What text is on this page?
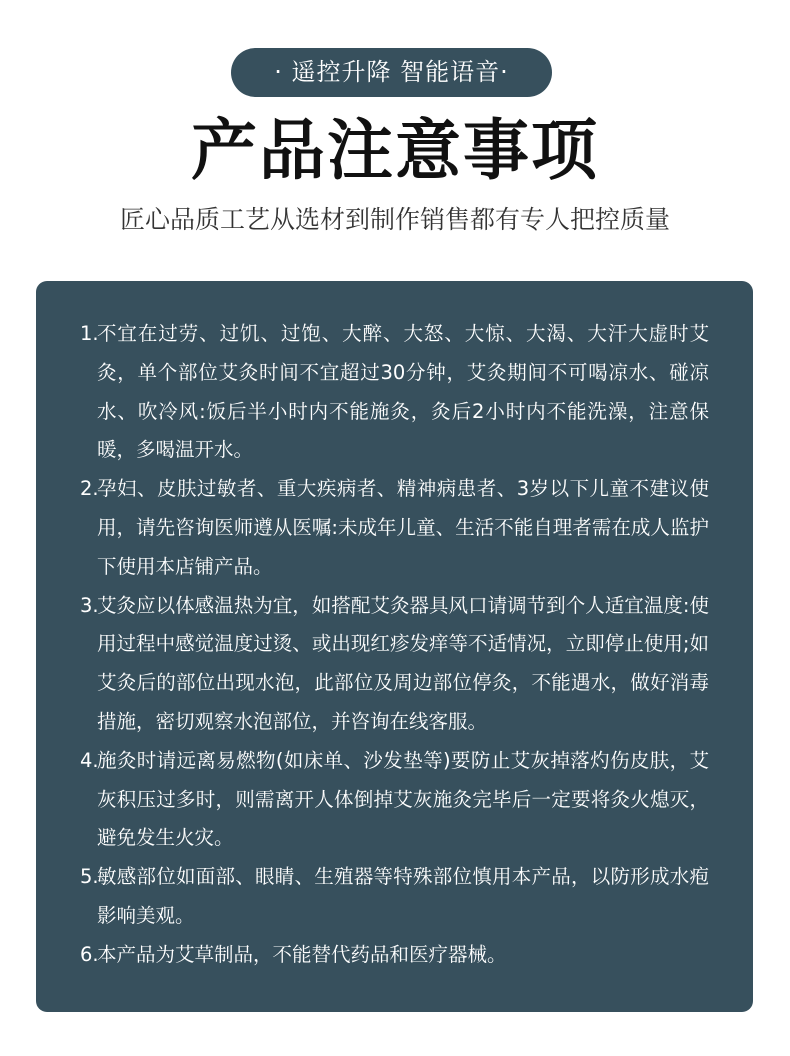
· 遥控升降 智能语音·
产品注意事项
匠心品质工艺从选材到制作销售都有专人把控质量
1.
不宜在过劳、过饥、过饱、大醉、大怒、大惊、大渴、大汗大虚时艾灸，单个部位艾灸时间不宜超过30分钟，艾灸期间不可喝凉水、碰凉水、吹冷风:饭后半小时内不能施灸，灸后2小时内不能洗澡，注意保暖，多喝温开水。
2.
孕妇、皮肤过敏者、重大疾病者、精神病患者、3岁以下儿童不建议使用，请先咨询医师遵从医嘱:未成年儿童、生活不能自理者需在成人监护下使用本店铺产品。
3.
艾灸应以体感温热为宜，如搭配艾灸器具风口请调节到个人适宜温度:使用过程中感觉温度过烫、或出现红疹发痒等不适情况，立即停止使用;如艾灸后的部位出现水泡，此部位及周边部位停灸，不能遇水，做好消毒措施，密切观察水泡部位，并咨询在线客服。
4.
施灸时请远离易燃物(如床单、沙发垫等)要防止艾灰掉落灼伤皮肤，艾灰积压过多时，则需离开人体倒掉艾灰施灸完毕后一定要将灸火熄灭，避免发生火灾。
5.
敏感部位如面部、眼睛、生殖器等特殊部位慎用本产品，以防形成水疱影响美观。
6.
本产品为艾草制品，不能替代药品和医疗器械。
